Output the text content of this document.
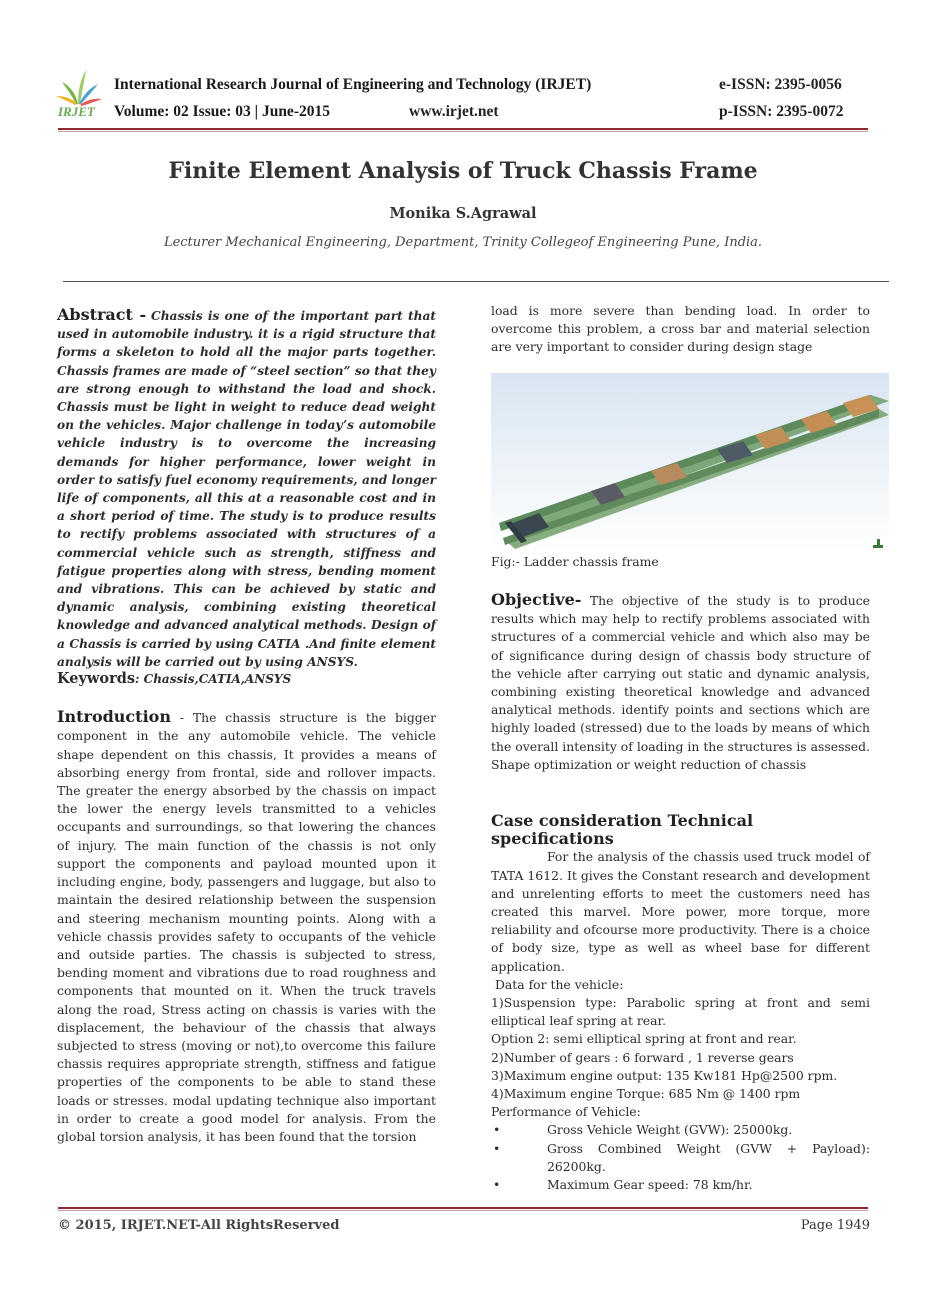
IRJET
International Research Journal of Engineering and Technology (IRJET)	e-ISSN: 2395-0056
Volume: 02 Issue: 03 | June-2015	www.irjet.net	p-ISSN: 2395-0072
Finite Element Analysis of Truck Chassis Frame
Monika S.Agrawal
Lecturer Mechanical Engineering, Department, Trinity Collegeof Engineering Pune, India.

Abstract - Chassis is one of the important part that used in automobile industry. it is a rigid structure that forms a skeleton to hold all the major parts together. Chassis frames are made of “steel section” so that they are strong enough to withstand the load and shock. Chassis must be light in weight to reduce dead weight on the vehicles. Major challenge in today’s automobile vehicle industry is to overcome the increasing demands for higher performance, lower weight in order to satisfy fuel economy requirements, and longer life of components, all this at a reasonable cost and in a short period of time. The study is to produce results to rectify problems associated with structures of a commercial vehicle such as strength, stiffness and fatigue properties along with stress, bending moment and vibrations. This can be achieved by static and dynamic analysis, combining existing theoretical knowledge and advanced analytical methods. Design of a Chassis is carried by using CATIA .And finite element analysis will be carried out by using ANSYS.

Keywords: Chassis,CATIA,ANSYS

Introduction - The chassis structure is the bigger component in the any automobile vehicle. The vehicle shape dependent on this chassis, It provides a means of absorbing energy from frontal, side and rollover impacts. The greater the energy absorbed by the chassis on impact the lower the energy levels transmitted to a vehicles occupants and surroundings, so that lowering the chances of injury. The main function of the chassis is not only support the components and payload mounted upon it including engine, body, passengers and luggage, but also to maintain the desired relationship between the suspension and steering mechanism mounting points. Along with a vehicle chassis provides safety to occupants of the vehicle and outside parties. The chassis is subjected to stress, bending moment and vibrations due to road roughness and components that mounted on it. When the truck travels along the road, Stress acting on chassis is varies with the displacement, the behaviour of the chassis that always subjected to stress (moving or not),to overcome this failure chassis requires appropriate strength, stiffness and fatigue properties of the components to be able to stand these loads or stresses. modal updating technique also important in order to create a good model for analysis. From the global torsion analysis, it has been found that the torsion

load is more severe than bending load. In order to overcome this problem, a cross bar and material selection are very important to consider during design stage

Fig:- Ladder chassis frame

Objective- The objective of the study is to produce results which may help to rectify problems associated with structures of a commercial vehicle and which also may be of significance during design of chassis body structure of the vehicle after carrying out static and dynamic analysis, combining existing theoretical knowledge and advanced analytical methods. identify points and sections which are highly loaded (stressed) due to the loads by means of which the overall intensity of loading in the structures is assessed. Shape optimization or weight reduction of chassis

Case consideration Technical specifications

For the analysis of the chassis used truck model of TATA 1612. It gives the Constant research and development and unrelenting efforts to meet the customers need has created this marvel. More power, more torque, more reliability and ofcourse more productivity. There is a choice of body size, type as well as wheel base for different application.

Data for the vehicle:

1)Suspension type: Parabolic spring at front and semi elliptical leaf spring at rear.

Option 2: semi elliptical spring at front and rear.

2)Number of gears : 6 forward , 1 reverse gears

3)Maximum engine output: 135 Kw181 Hp@2500 rpm.

4)Maximum engine Torque: 685 Nm @ 1400 rpm

Performance of Vehicle:

•	Gross Vehicle Weight (GVW): 25000kg.
•	Gross Combined Weight (GVW + Payload): 26200kg.
•	Maximum Gear speed: 78 km/hr.
© 2015, IRJET.NET-All RightsReserved	Page 1949
